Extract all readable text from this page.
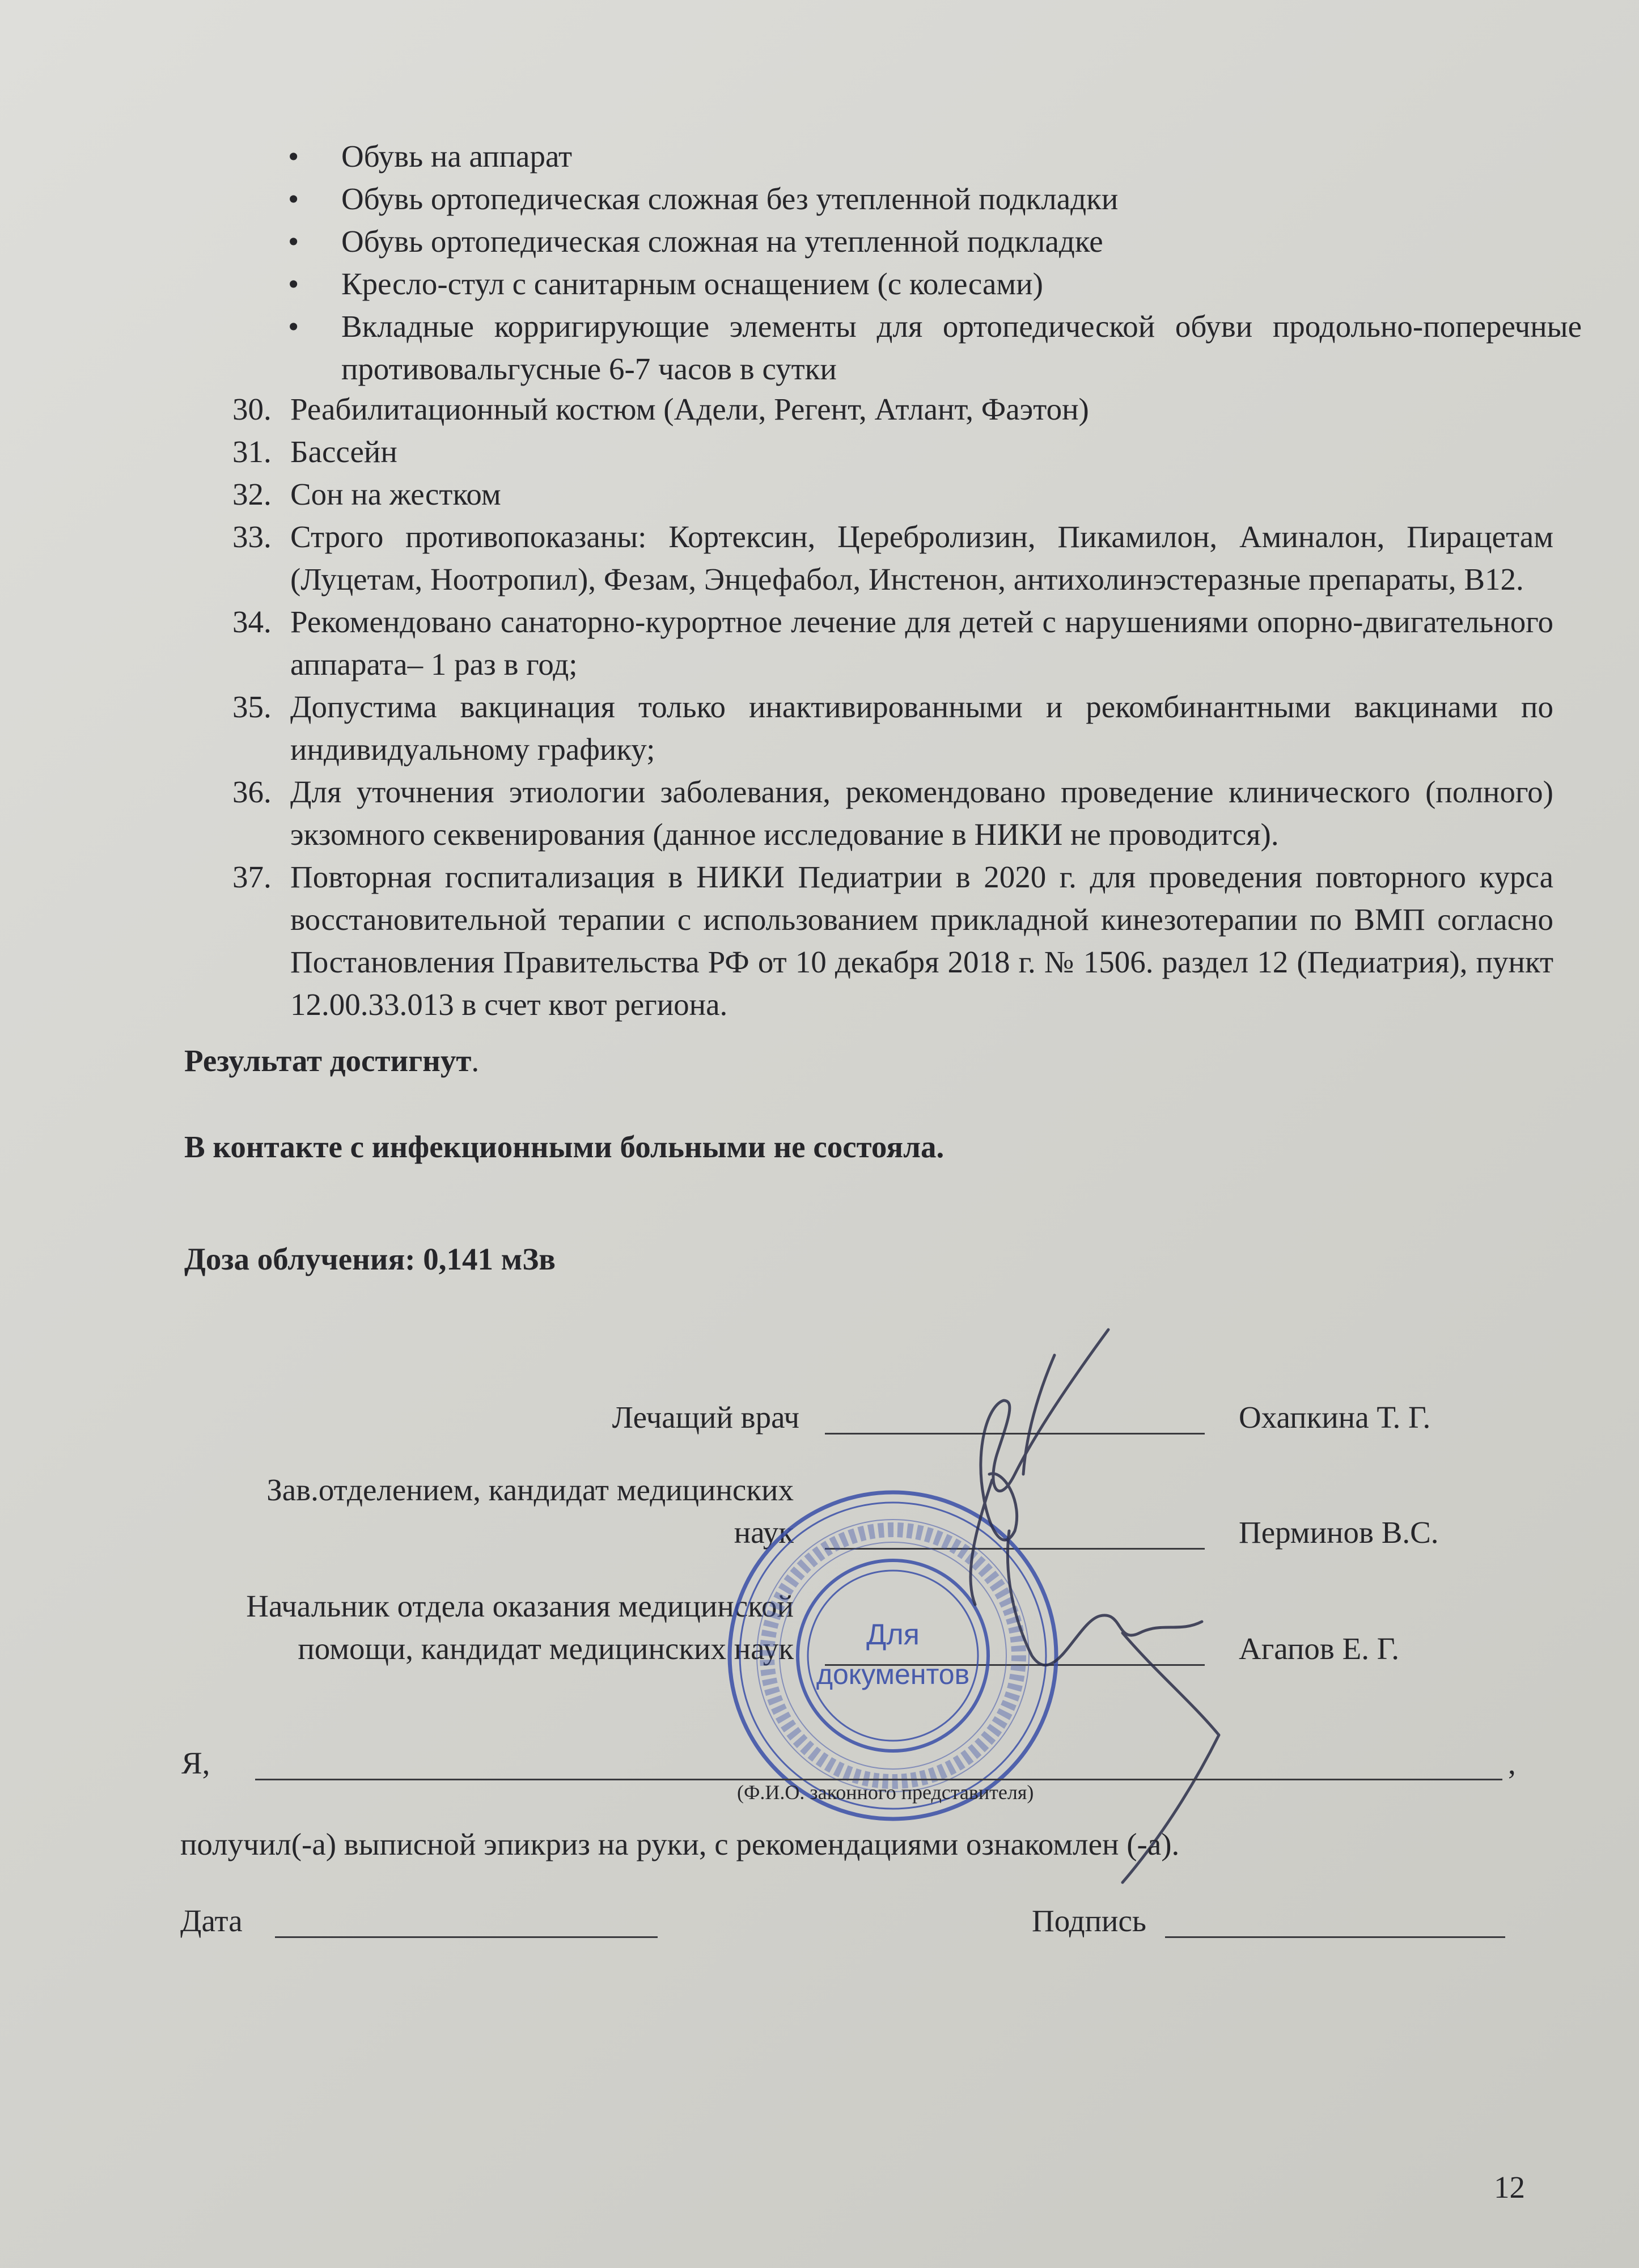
• Обувь на аппарат
• Обувь ортопедическая сложная без утепленной подкладки
• Обувь ортопедическая сложная на утепленной подкладке
• Кресло-стул с санитарным оснащением (с колесами)
• Вкладные корригирующие элементы для ортопедической обуви продольно-поперечные противовальгусные 6-7 часов в сутки
30. Реабилитационный костюм (Адели, Регент, Атлант, Фаэтон)
31. Бассейн
32. Сон на жестком
33. Строго противопоказаны: Кортексин, Церебролизин, Пикамилон, Аминалон, Пирацетам (Луцетам, Ноотропил), Фезам, Энцефабол, Инстенон, антихолинэстеразные препараты, В12.
34. Рекомендовано санаторно-курортное лечение для детей с нарушениями опорно-двигательного аппарата– 1 раз в год;
35. Допустима вакцинация только инактивированными и рекомбинантными вакцинами по индивидуальному графику;
36. Для уточнения этиологии заболевания, рекомендовано проведение клинического (полного) экзомного секвенирования (данное исследование в НИКИ не проводится).
37. Повторная госпитализация в НИКИ Педиатрии в 2020 г. для проведения повторного курса восстановительной терапии с использованием прикладной кинезотерапии по ВМП согласно Постановления Правительства РФ от 10 декабря 2018 г. № 1506. раздел 12 (Педиатрия), пункт 12.00.33.013 в счет квот региона.
Результат достигнут.
В контакте с инфекционными больными не состояла.
Доза облучения: 0,141 мЗв
Лечащий врач	Охапкина Т. Г.
Зав.отделением, кандидат медицинских
наук	Перминов В.С.
Начальник отдела оказания медицинской
помощи, кандидат медицинских наук	Агапов Е. Г.
Для
документов
Я,	,
(Ф.И.О. законного представителя)
получил(-а) выписной эпикриз на руки, с рекомендациями ознакомлен (-а).
Дата	Подпись
12
